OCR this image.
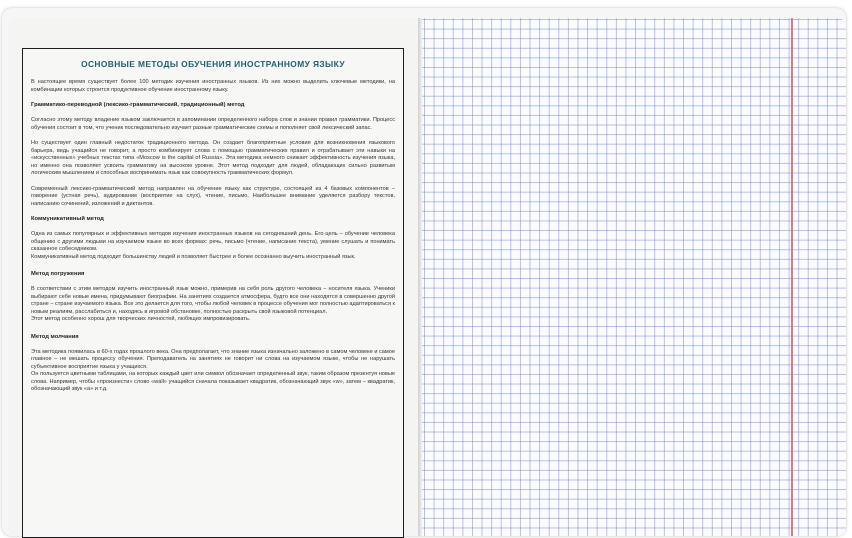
ОСНОВНЫЕ МЕТОДЫ ОБУЧЕНИЯ ИНОСТРАННОМУ ЯЗЫКУ

В настоящее время существует более 100 методик изучения иностранных языков. Из них можно выделить ключевые методики, на комбинации которых строится продуктивное обучение иностранному языку.

Грамматико-переводной (лексико-грамматический, традиционный) метод

Согласно этому методу владение языком заключается в запоминании определенного набора слов и знании правил грамматики. Процесс обучения состоит в том, что ученик последовательно изучает разные грамматические схемы и пополняет свой лексический запас.

Но существует один главный недостаток традиционного метода. Он создает благоприятные условия для возникновения языкового барьера, ведь учащийся не говорит, а просто комбинирует слова с помощью грамматических правил и отрабатывает эти навыки на «искусственных» учебных текстах типа «Moscow is the capital of Russia». Эта методика немного снижает эффективность изучения языка, но именно она позволяет усвоить грамматику на высоком уровне. Этот метод подходит для людей, обладающих сильно развитым логическим мышлением и способных воспринимать язык как совокупность грамматических формул.

Современный лексико-грамматический метод направлен на обучение языку как структуре, состоящей из 4 базовых компонентов – говорение (устная речь), аудирование (восприятие на слух), чтение, письмо. Наибольшее внимание уделяется разбору текстов, написанию сочинений, изложений и диктантов.

Коммуникативный метод

Одна из самых популярных и эффективных методов изучения иностранных языков на сегодняшний день. Его цель – обучение человека общению с другими людьми на изучаемом языке во всех формах: речь, письмо (чтение, написание текста), умение слушать и понимать сказанное собеседником.

Коммуникативный метод подходит большинству людей и позволяет быстрее и более осознанно выучить иностранный язык.

Метод погружения

В соответствии с этим методом изучить иностранный язык можно, примерив на себя роль другого человека – носителя языка. Ученики выбирают себе новые имена, придумывают биографии. На занятиях создается атмосфера, будто все они находятся в совершенно другой стране – стране изучаемого языка. Все это делается для того, чтобы любой человек в процессе обучения мог полностью адаптироваться к новым реалиям, расслабиться и, находясь в игровой обстановке, полностью раскрыть свой языковой потенциал.

Этот метод особенно хорош для творческих личностей, любящих импровизировать.

Метод молчания

Эта методика появилась в 60-х годах прошлого века. Она предполагает, что знание языка изначально заложено в самом человеке и самое главное – не мешать процессу обучения. Преподаватель на занятиях не говорит ни слова на изучаемом языке, чтобы не нарушать субъективное восприятие языка у учащихся.

Он пользуется цветными таблицами, на которых каждый цвет или символ обозначает определенный звук, таким образом презентуя новые слова. Например, чтобы «произнести» слово «wall» учащийся сначала показывает квадратик, обозначающий звук «w», затем – квадратик, обозначающий звук «a» и т.д.
